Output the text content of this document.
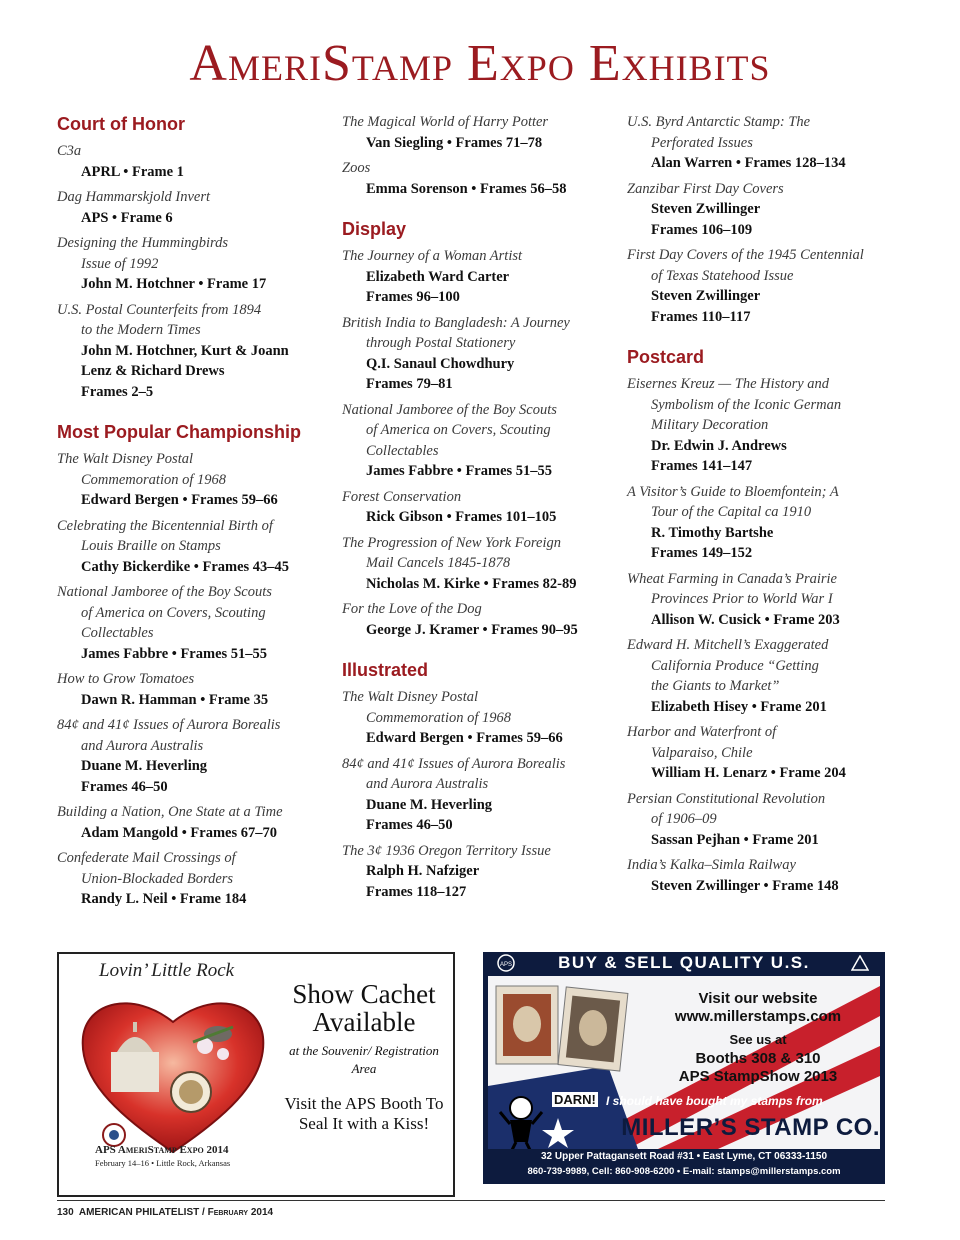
AmeriStamp Expo Exhibits
Court of Honor
C3a
APRL • Frame 1
Dag Hammarskjold Invert
APS • Frame 6
Designing the Hummingbirds
Issue of 1992
John M. Hotchner • Frame 17
U.S. Postal Counterfeits from 1894
to the Modern Times
John M. Hotchner, Kurt & Joann
Lenz & Richard Drews
Frames 2–5
Most Popular Championship
The Walt Disney Postal
Commemoration of 1968
Edward Bergen • Frames 59–66
Celebrating the Bicentennial Birth of
Louis Braille on Stamps
Cathy Bickerdike • Frames 43–45
National Jamboree of the Boy Scouts
of America on Covers, Scouting
Collectables
James Fabbre • Frames 51–55
How to Grow Tomatoes
Dawn R. Hamman • Frame 35
84¢ and 41¢ Issues of Aurora Borealis
and Aurora Australis
Duane M. Heverling
Frames 46–50
Building a Nation, One State at a Time
Adam Mangold • Frames 67–70
Confederate Mail Crossings of
Union-Blockaded Borders
Randy L. Neil • Frame 184
The Magical World of Harry Potter
Van Siegling • Frames 71–78
Zoos
Emma Sorenson • Frames 56–58
Display
The Journey of a Woman Artist
Elizabeth Ward Carter
Frames 96–100
British India to Bangladesh: A Journey
through Postal Stationery
Q.I. Sanaul Chowdhury
Frames 79–81
National Jamboree of the Boy Scouts
of America on Covers, Scouting
Collectables
James Fabbre • Frames 51–55
Forest Conservation
Rick Gibson • Frames 101–105
The Progression of New York Foreign
Mail Cancels 1845-1878
Nicholas M. Kirke • Frames 82-89
For the Love of the Dog
George J. Kramer • Frames 90–95
Illustrated
The Walt Disney Postal
Commemoration of 1968
Edward Bergen • Frames 59–66
84¢ and 41¢ Issues of Aurora Borealis
and Aurora Australis
Duane M. Heverling
Frames 46–50
The 3¢ 1936 Oregon Territory Issue
Ralph H. Nafziger
Frames 118–127
U.S. Byrd Antarctic Stamp: The
Perforated Issues
Alan Warren • Frames 128–134
Zanzibar First Day Covers
Steven Zwillinger
Frames 106–109
First Day Covers of the 1945 Centennial
of Texas Statehood Issue
Steven Zwillinger
Frames 110–117
Postcard
Eisernes Kreuz — The History and
Symbolism of the Iconic German
Military Decoration
Dr. Edwin J. Andrews
Frames 141–147
A Visitor’s Guide to Bloemfontein; A
Tour of the Capital ca 1910
R. Timothy Bartshe
Frames 149–152
Wheat Farming in Canada’s Prairie
Provinces Prior to World War I
Allison W. Cusick • Frame 203
Edward H. Mitchell’s Exaggerated
California Produce “Getting
the Giants to Market”
Elizabeth Hisey • Frame 201
Harbor and Waterfront of
Valparaiso, Chile
William H. Lenarz • Frame 204
Persian Constitutional Revolution
of 1906–09
Sassan Pejhan • Frame 201
India’s Kalka–Simla Railway
Steven Zwillinger • Frame 148
Lovin’ Little Rock
APS AmeriStamp Expo 2014
February 14–16 • Little Rock, Arkansas
Show Cachet Available
at the Souvenir/ Registration Area
Visit the APS Booth To Seal It with a Kiss!
BUY & SELL QUALITY U.S.
APS
Visit our website
www.millerstamps.com
See us at
Booths 308 & 310
APS StampShow 2013
DARN! I should have bought my stamps from
MILLER’S STAMP CO.
32 Upper Pattagansett Road #31 • East Lyme, CT 06333-1150
860-739-9989, Cell: 860-908-6200 • E-mail: stamps@millerstamps.com
130 AMERICAN PHILATELIST / February 2014
